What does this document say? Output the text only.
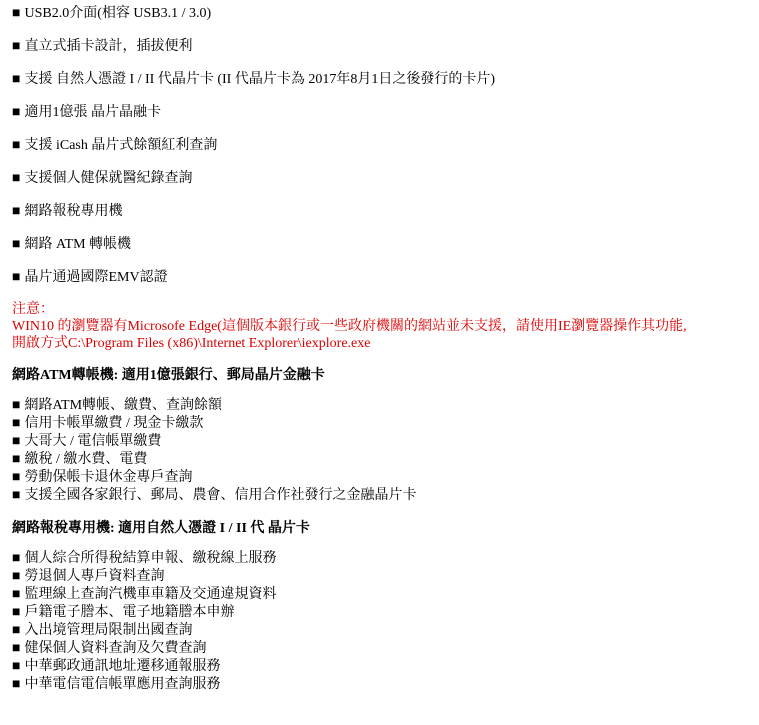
■ USB2.0介面(相容 USB3.1 / 3.0)
■ 直立式插卡設計，插拔便利
■ 支援 自然人憑證 I / II 代晶片卡 (II 代晶片卡為 2017年8月1日之後發行的卡片)
■ 適用1億張 晶片晶融卡
■ 支援 iCash 晶片式餘額紅利查詢
■ 支援個人健保就醫紀錄查詢
■ 網路報稅專用機
■ 網路 ATM 轉帳機
■ 晶片通過國際EMV認證
注意：
WIN10 的瀏覽器有Microsofe Edge(這個版本銀行或一些政府機關的網站並未支援，請使用IE瀏覽器操作其功能,
開啟方式C:\Program Files (x86)\Internet Explorer\iexplore.exe
網路ATM轉帳機: 適用1億張銀行、郵局晶片金融卡
■ 網路ATM轉帳、繳費、查詢餘額
■ 信用卡帳單繳費 / 現金卡繳款
■ 大哥大 / 電信帳單繳費
■ 繳稅 / 繳水費、電費
■ 勞動保帳卡退休金專戶查詢
■ 支援全國各家銀行、郵局、農會、信用合作社發行之金融晶片卡
網路報稅專用機: 適用自然人憑證 I / II 代 晶片卡
■ 個人綜合所得稅結算申報、繳稅線上服務
■ 勞退個人專戶資料查詢
■ 監理線上查詢汽機車車籍及交通違規資料
■ 戶籍電子謄本、電子地籍謄本申辦
■ 入出境管理局限制出國查詢
■ 健保個人資料查詢及欠費查詢
■ 中華郵政通訊地址遷移通報服務
■ 中華電信電信帳單應用查詢服務
